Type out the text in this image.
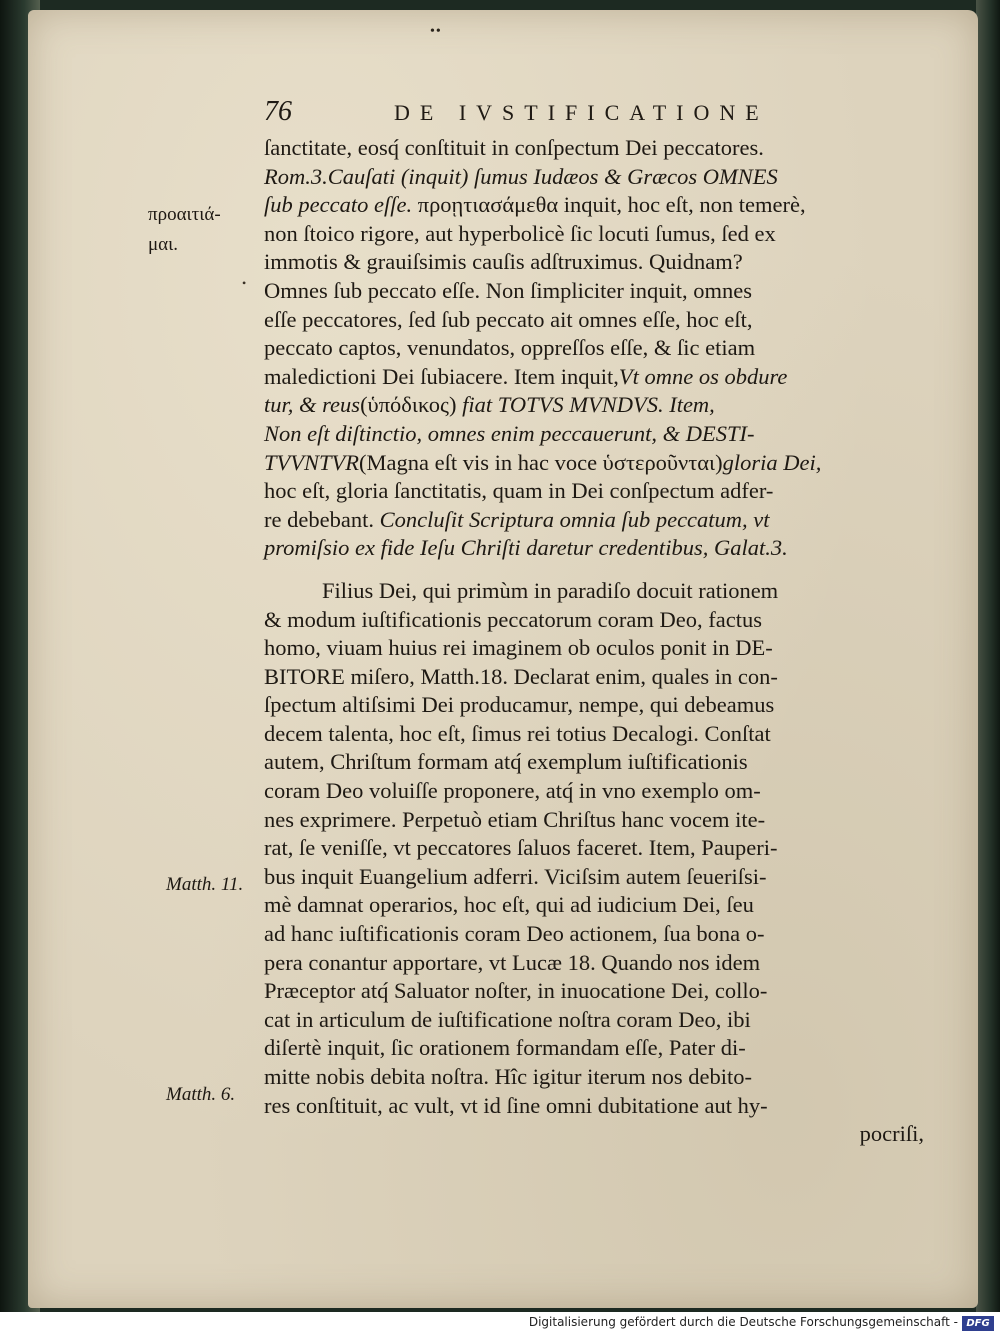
••
76	DE IVSTIFICATIONE
προαιτιά-
μαι.
•
Matth. 11.
Matth. 6.
ſanctitate, eosq́ conſtituit in conſpectum Dei peccatores.
Rom.3.Cauſati (inquit) ſumus Iudæos & Græcos OMNES
ſub peccato eſſe. προῃτιασάμεθα inquit, hoc eſt, non temerè,
non ſtoico rigore, aut hyperbolicè ſic locuti ſumus, ſed ex
immotis & grauiſsimis cauſis adſtruximus. Quidnam?
Omnes ſub peccato eſſe. Non ſimpliciter inquit, omnes
eſſe peccatores, ſed ſub peccato ait omnes eſſe, hoc eſt,
peccato captos, venundatos, oppreſſos eſſe, & ſic etiam
maledictioni Dei ſubiacere. Item inquit,Vt omne os obdure
tur, & reus(ὑπόδικος) fiat TOTVS MVNDVS. Item,
Non eſt diſtinctio, omnes enim peccauerunt, & DESTI-
TVVNTVR(Magna eſt vis in hac voce ὑστεροῦνται)gloria Dei,
hoc eſt, gloria ſanctitatis, quam in Dei conſpectum adfer-
re debebant. Concluſit Scriptura omnia ſub peccatum, vt
promiſsio ex fide Ieſu Chriſti daretur credentibus, Galat.3.
Filius Dei, qui primùm in paradiſo docuit rationem
& modum iuſtificationis peccatorum coram Deo, factus
homo, viuam huius rei imaginem ob oculos ponit in DE-
BITORE miſero, Matth.18. Declarat enim, quales in con-
ſpectum altiſsimi Dei producamur, nempe, qui debeamus
decem talenta, hoc eſt, ſimus rei totius Decalogi. Conſtat
autem, Chriſtum formam atq́ exemplum iuſtificationis
coram Deo voluiſſe proponere, atq́ in vno exemplo om-
nes exprimere. Perpetuò etiam Chriſtus hanc vocem ite-
rat, ſe veniſſe, vt peccatores ſaluos faceret. Item, Pauperi-
bus inquit Euangelium adferri. Viciſsim autem ſeueriſsi-
mè damnat operarios, hoc eſt, qui ad iudicium Dei, ſeu
ad hanc iuſtificationis coram Deo actionem, ſua bona o-
pera conantur apportare, vt Lucæ 18. Quando nos idem
Præceptor atq́ Saluator noſter, in inuocatione Dei, collo-
cat in articulum de iuſtificatione noſtra coram Deo, ibi
diſertè inquit, ſic orationem formandam eſſe, Pater di-
mitte nobis debita noſtra. Hîc igitur iterum nos debito-
res conſtituit, ac vult, vt id ſine omni dubitatione aut hy-
pocriſi,
Digitalisierung gefördert durch die Deutsche Forschungsgemeinschaft - DFG
